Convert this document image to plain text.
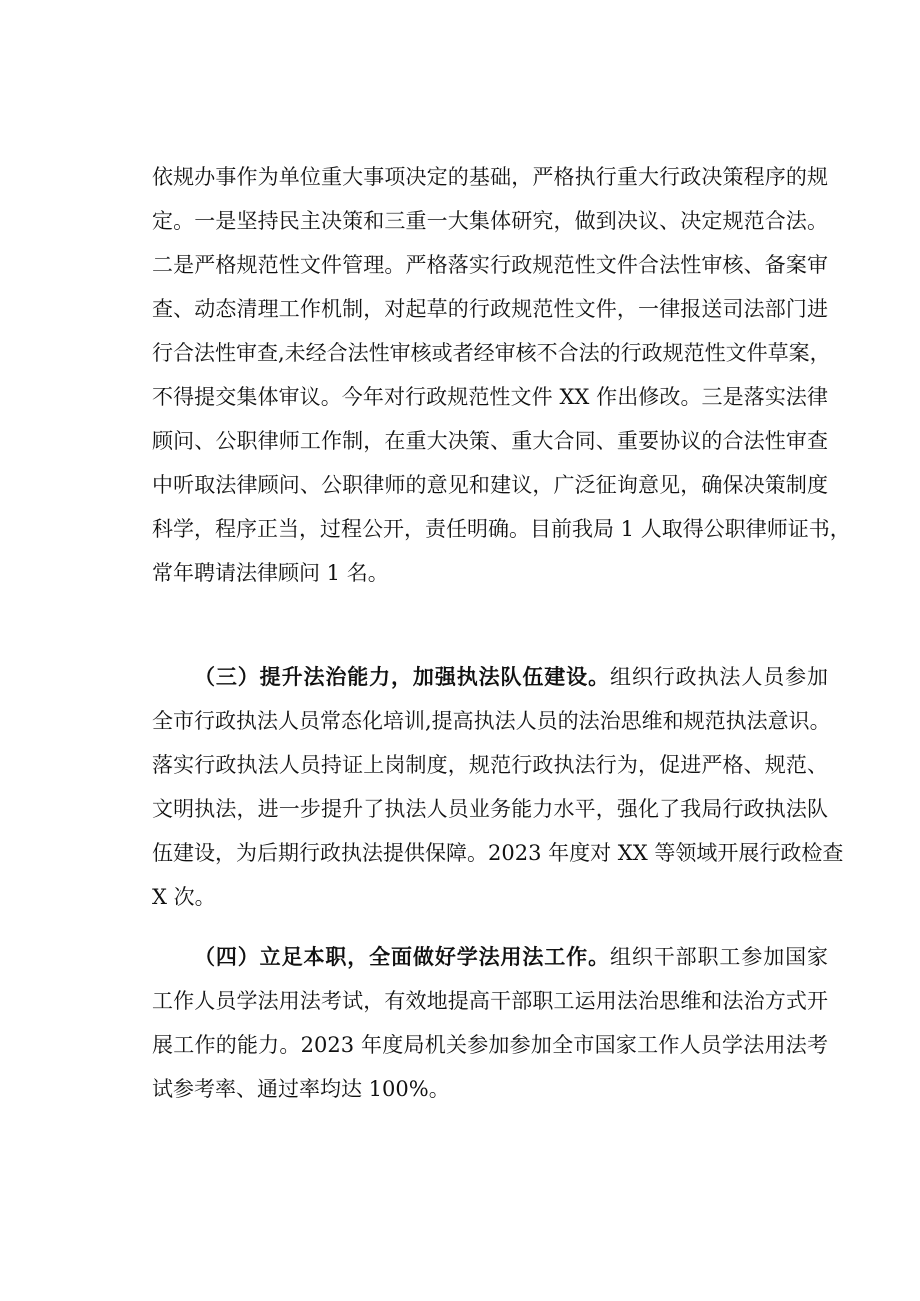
依规办事作为单位重大事项决定的基础，严格执行重大行政决策程序的规
定。一是坚持民主决策和三重一大集体研究，做到决议、决定规范合法。
二是严格规范性文件管理。严格落实行政规范性文件合法性审核、备案审
查、动态清理工作机制，对起草的行政规范性文件，一律报送司法部门进
行合法性审查,未经合法性审核或者经审核不合法的行政规范性文件草案，
不得提交集体审议。今年对行政规范性文件 XX 作出修改。三是落实法律
顾问、公职律师工作制，在重大决策、重大合同、重要协议的合法性审查
中听取法律顾问、公职律师的意见和建议，广泛征询意见，确保决策制度
科学，程序正当，过程公开，责任明确。目前我局 1 人取得公职律师证书，
常年聘请法律顾问 1 名。
（三）提升法治能力，加强执法队伍建设。组织行政执法人员参加
全市行政执法人员常态化培训,提高执法人员的法治思维和规范执法意识。
落实行政执法人员持证上岗制度，规范行政执法行为，促进严格、规范、
文明执法，进一步提升了执法人员业务能力水平，强化了我局行政执法队
伍建设，为后期行政执法提供保障。2023 年度对 XX 等领域开展行政检查
X 次。
（四）立足本职，全面做好学法用法工作。组织干部职工参加国家
工作人员学法用法考试，有效地提高干部职工运用法治思维和法治方式开
展工作的能力。2023 年度局机关参加参加全市国家工作人员学法用法考
试参考率、通过率均达 100%。
